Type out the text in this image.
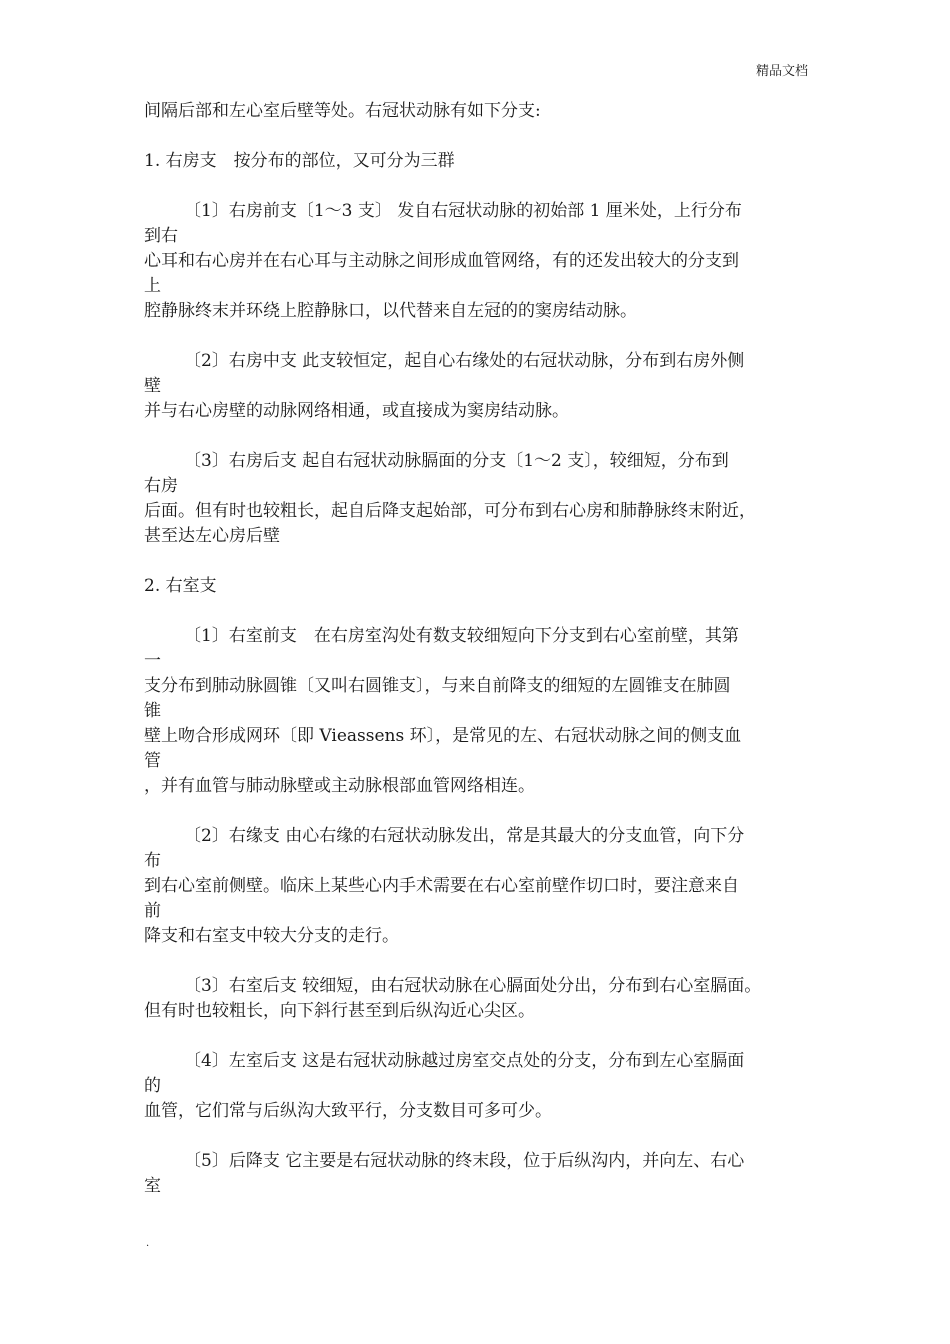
精品文档
间隔后部和左心室后壁等处。右冠状动脉有如下分支:
1. 右房支　按分布的部位，又可分为三群
〔1〕右房前支〔1～3 支〕 发自右冠状动脉的初始部 1 厘米处，上行分布
到右
心耳和右心房并在右心耳与主动脉之间形成血管网络，有的还发出较大的分支到
上
腔静脉终末并环绕上腔静脉口，以代替来自左冠的的窦房结动脉。
〔2〕右房中支 此支较恒定，起自心右缘处的右冠状动脉，分布到右房外侧
壁
并与右心房壁的动脉网络相通，或直接成为窦房结动脉。
〔3〕右房后支 起自右冠状动脉膈面的分支〔1～2 支〕，较细短，分布到
右房
后面。但有时也较粗长，起自后降支起始部，可分布到右心房和肺静脉终末附近，
甚至达左心房后壁
2. 右室支
〔1〕右室前支　在右房室沟处有数支较细短向下分支到右心室前壁，其第
一
支分布到肺动脉圆锥〔又叫右圆锥支〕，与来自前降支的细短的左圆锥支在肺圆
锥
壁上吻合形成网环〔即 Vieassens 环〕，是常见的左、右冠状动脉之间的侧支血
管
，并有血管与肺动脉壁或主动脉根部血管网络相连。
〔2〕右缘支 由心右缘的右冠状动脉发出，常是其最大的分支血管，向下分
布
到右心室前侧壁。临床上某些心内手术需要在右心室前壁作切口时，要注意来自
前
降支和右室支中较大分支的走行。
〔3〕右室后支 较细短，由右冠状动脉在心膈面处分出，分布到右心室膈面。
但有时也较粗长，向下斜行甚至到后纵沟近心尖区。
〔4〕左室后支 这是右冠状动脉越过房室交点处的分支，分布到左心室膈面
的
血管，它们常与后纵沟大致平行，分支数目可多可少。
〔5〕后降支 它主要是右冠状动脉的终末段，位于后纵沟内，并向左、右心
室
.
